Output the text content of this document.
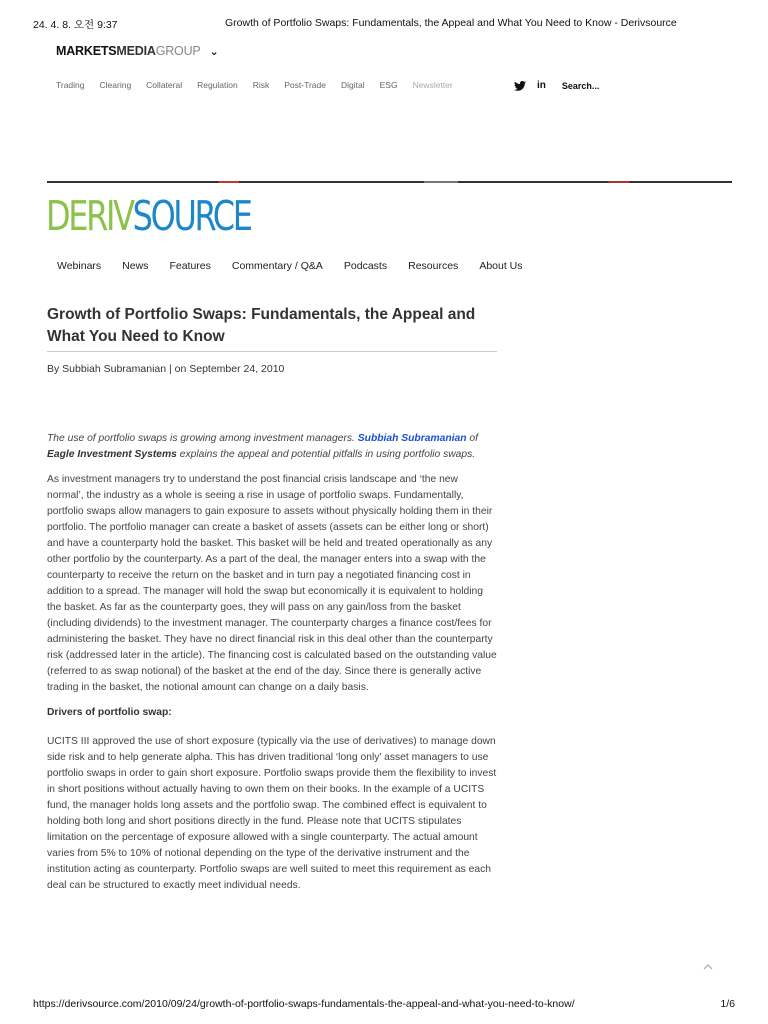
24. 4. 8. 오전 9:37	Growth of Portfolio Swaps: Fundamentals, the Appeal and What You Need to Know - Derivsource
M ARKETS MEDIA GROUP ⌄
Trading Clearing Collateral Regulation Risk Post-Trade Digital ESG Newsletter	in Search...
DERIVSOURCE
Webinars News Features Commentary / Q&A Podcasts Resources About Us
Growth of Portfolio Swaps: Fundamentals, the Appeal and What You Need to Know
By Subbiah Subramanian | on September 24, 2010

The use of portfolio swaps is growing among investment managers. Subbiah Subramanian of Eagle Investment Systems explains the appeal and potential pitfalls in using portfolio swaps.

As investment managers try to understand the post financial crisis landscape and ‘the new normal’, the industry as a whole is seeing a rise in usage of portfolio swaps. Fundamentally, portfolio swaps allow managers to gain exposure to assets without physically holding them in their portfolio. The portfolio manager can create a basket of assets (assets can be either long or short) and have a counterparty hold the basket. This basket will be held and treated operationally as any other portfolio by the counterparty. As a part of the deal, the manager enters into a swap with the counterparty to receive the return on the basket and in turn pay a negotiated financing cost in addition to a spread. The manager will hold the swap but economically it is equivalent to holding the basket. As far as the counterparty goes, they will pass on any gain/loss from the basket (including dividends) to the investment manager. The counterparty charges a finance cost/fees for administering the basket. They have no direct financial risk in this deal other than the counterparty risk (addressed later in the article). The financing cost is calculated based on the outstanding value (referred to as swap notional) of the basket at the end of the day. Since there is generally active trading in the basket, the notional amount can change on a daily basis.

Drivers of portfolio swap:

UCITS III approved the use of short exposure (typically via the use of derivatives) to manage down side risk and to help generate alpha. This has driven traditional ‘long only’ asset managers to use portfolio swaps in order to gain short exposure. Portfolio swaps provide them the flexibility to invest in short positions without actually having to own them on their books. In the example of a UCITS fund, the manager holds long assets and the portfolio swap. The combined effect is equivalent to holding both long and short positions directly in the fund. Please note that UCITS stipulates limitation on the percentage of exposure allowed with a single counterparty. The actual amount varies from 5% to 10% of notional depending on the type of the derivative instrument and the institution acting as counterparty. Portfolio swaps are well suited to meet this requirement as each deal can be structured to exactly meet individual needs.

https://derivsource.com/2010/09/24/growth-of-portfolio-swaps-fundamentals-the-appeal-and-what-you-need-to-know/	1/6
